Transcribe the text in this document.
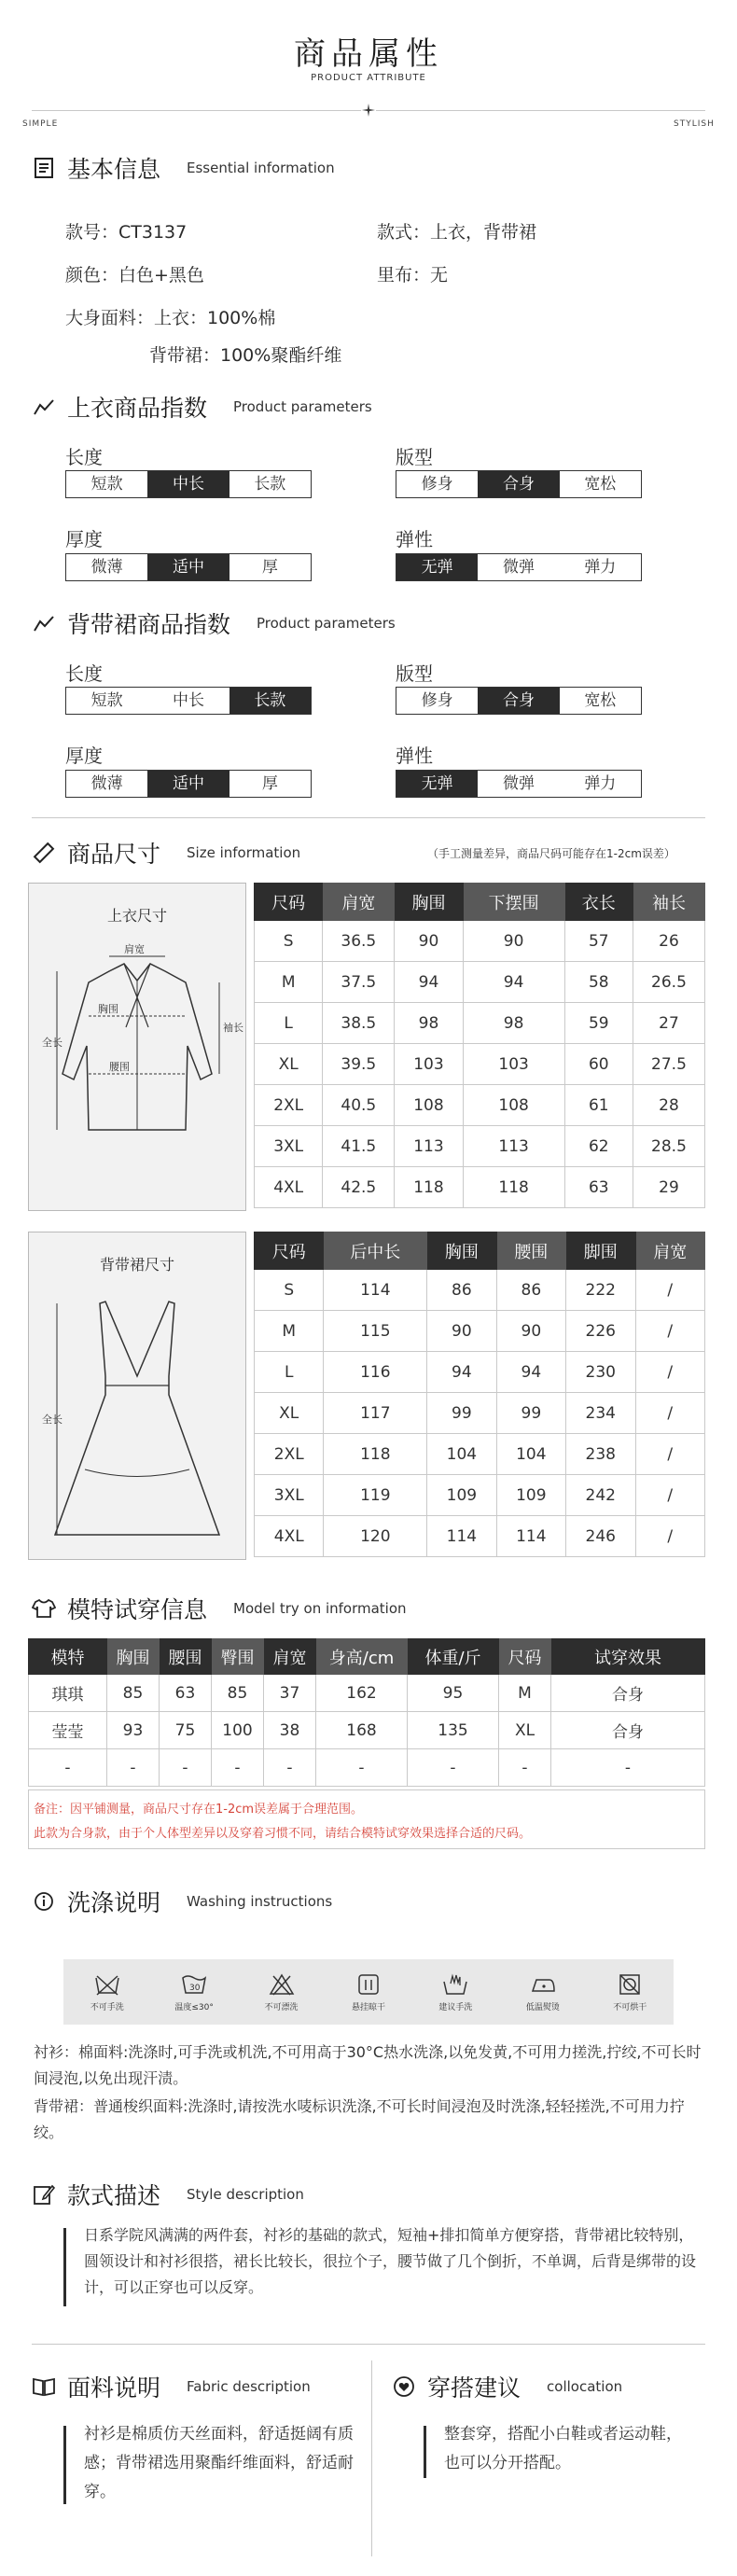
商品属性
PRODUCT ATTRIBUTE
SIMPLE	STYLISH
基本信息 Essential information
款号：CT3137	款式：上衣，背带裙
颜色：白色+黑色	里布：无
大身面料：上衣：100%棉
背带裙：100%聚酯纤维
上衣商品指数 Product parameters
长度
短款	中长	长款
版型
修身	合身	宽松
厚度
微薄	适中	厚
弹性
无弹	微弹	弹力
背带裙商品指数 Product parameters
长度
短款	中长	长款
版型
修身	合身	宽松
厚度
微薄	适中	厚
弹性
无弹	微弹	弹力
商品尺寸 Size information	（手工测量差异，商品尺码可能存在1-2cm误差）
上衣尺寸
肩宽
胸围
腰围
全长
袖长
尺码	肩宽	胸围	下摆围	衣长	袖长
S	36.5	90	90	57	26
M	37.5	94	94	58	26.5
L	38.5	98	98	59	27
XL	39.5	103	103	60	27.5
2XL	40.5	108	108	61	28
3XL	41.5	113	113	62	28.5
4XL	42.5	118	118	63	29
背带裙尺寸
全长
尺码	后中长	胸围	腰围	脚围	肩宽
S	114	86	86	222	/
M	115	90	90	226	/
L	116	94	94	230	/
XL	117	99	99	234	/
2XL	118	104	104	238	/
3XL	119	109	109	242	/
4XL	120	114	114	246	/
模特试穿信息 Model try on information
模特	胸围	腰围	臀围	肩宽	身高/cm	体重/斤	尺码	试穿效果
琪琪	85	63	85	37	162	95	M	合身
莹莹	93	75	100	38	168	135	XL	合身
-	-	-	-	-	-	-	-	-
备注：因平铺测量，商品尺寸存在1-2cm误差属于合理范围。
此款为合身款，由于个人体型差异以及穿着习惯不同，请结合模特试穿效果选择合适的尺码。
洗涤说明 Washing instructions
不可手洗
30
温度≤30°	不可漂洗	悬挂晾干	建议手洗	低温熨烫	不可烘干
衬衫：棉面料:洗涤时,可手洗或机洗,不可用高于30°C热水洗涤,以免发黄,不可用力搓洗,拧绞,不可长时间浸泡,以免出现汗渍。
背带裙：普通梭织面料:洗涤时,请按洗水唛标识洗涤,不可长时间浸泡及时洗涤,轻轻搓洗,不可用力拧绞。
款式描述 Style description
日系学院风满满的两件套，衬衫的基础的款式，短袖+排扣简单方便穿搭，背带裙比较特别，圆领设计和衬衫很搭，裙长比较长，很拉个子，腰节做了几个倒折，不单调，后背是绑带的设计，可以正穿也可以反穿。
面料说明 Fabric description
衬衫是棉质仿天丝面料，舒适挺阔有质感；背带裙选用聚酯纤维面料，舒适耐穿。
穿搭建议 collocation
整套穿，搭配小白鞋或者运动鞋，也可以分开搭配。
